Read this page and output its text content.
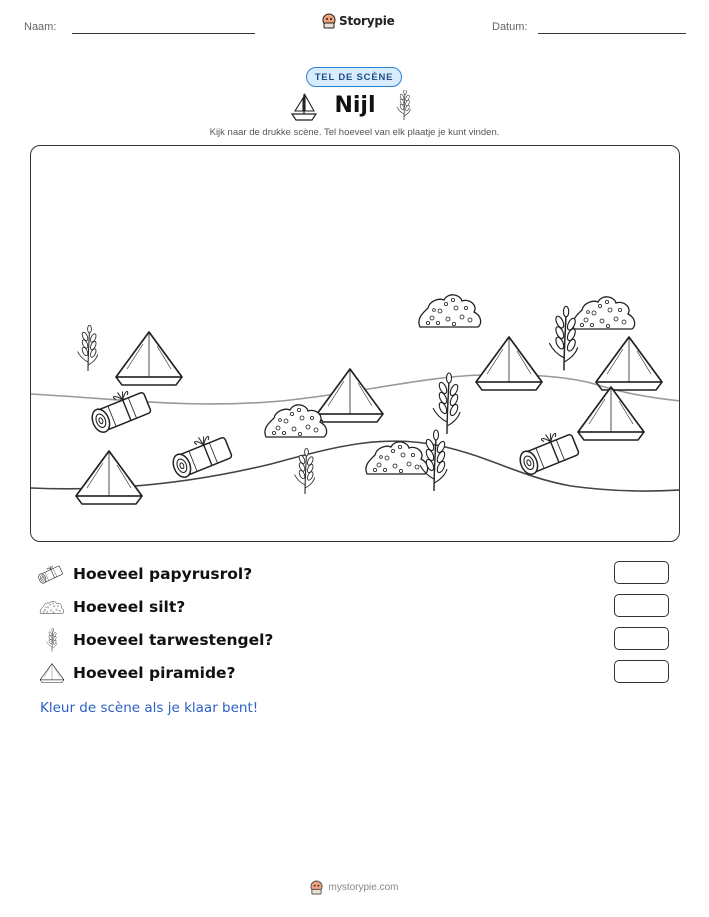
Naam:	Storypie	Datum:
TEL DE SCÈNE
Nijl
Kijk naar de drukke scène. Tel hoeveel van elk plaatje je kunt vinden.
Hoeveel papyrusrol?
Hoeveel silt?
Hoeveel tarwestengel?
Hoeveel piramide?
Kleur de scène als je klaar bent!
mystorypie.com
